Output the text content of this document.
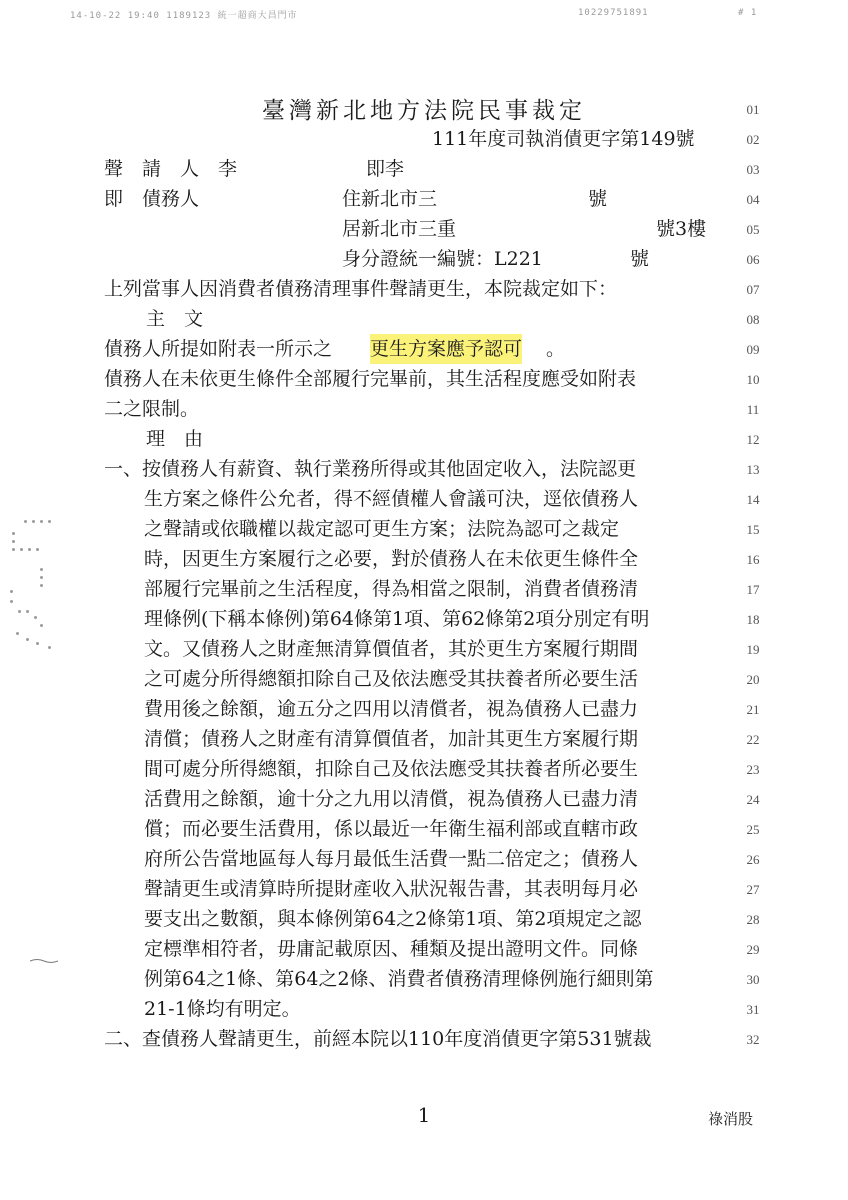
14-10-22 19:40 1189123 統一超商大昌門市	10229751891	# 1
臺灣新北地方法院民事裁定	01
111年度司執消債更字第149號	02
聲　請　人　李	即李	03
即　債務人	住新北市三	號	04
居新北市三重	號3樓	05
身分證統一編號：L221	號	06
上列當事人因消費者債務清理事件聲請更生，本院裁定如下：	07
主　文	08
債務人所提如附表一所示之 更生方案應予認可 。	09
債務人在未依更生條件全部履行完畢前，其生活程度應受如附表	10
二之限制。	11
理　由	12
一、按債務人有薪資、執行業務所得或其他固定收入，法院認更	13
生方案之條件公允者，得不經債權人會議可決，逕依債務人	14
之聲請或依職權以裁定認可更生方案；法院為認可之裁定	15
時，因更生方案履行之必要，對於債務人在未依更生條件全	16
部履行完畢前之生活程度，得為相當之限制，消費者債務清	17
理條例(下稱本條例)第64條第1項、第62條第2項分別定有明	18
文。又債務人之財產無清算價值者，其於更生方案履行期間	19
之可處分所得總額扣除自己及依法應受其扶養者所必要生活	20
費用後之餘額，逾五分之四用以清償者，視為債務人已盡力	21
清償；債務人之財產有清算價值者，加計其更生方案履行期	22
間可處分所得總額，扣除自己及依法應受其扶養者所必要生	23
活費用之餘額，逾十分之九用以清償，視為債務人已盡力清	24
償；而必要生活費用，係以最近一年衛生福利部或直轄市政	25
府所公告當地區每人每月最低生活費一點二倍定之；債務人	26
聲請更生或清算時所提財產收入狀況報告書，其表明每月必	27
要支出之數額，與本條例第64之2條第1項、第2項規定之認	28
定標準相符者，毋庸記載原因、種類及提出證明文件。同條	29
例第64之1條、第64之2條、消費者債務清理條例施行細則第	30
21-1條均有明定。	31
二、查債務人聲請更生，前經本院以110年度消債更字第531號裁	32
1	祿消股
